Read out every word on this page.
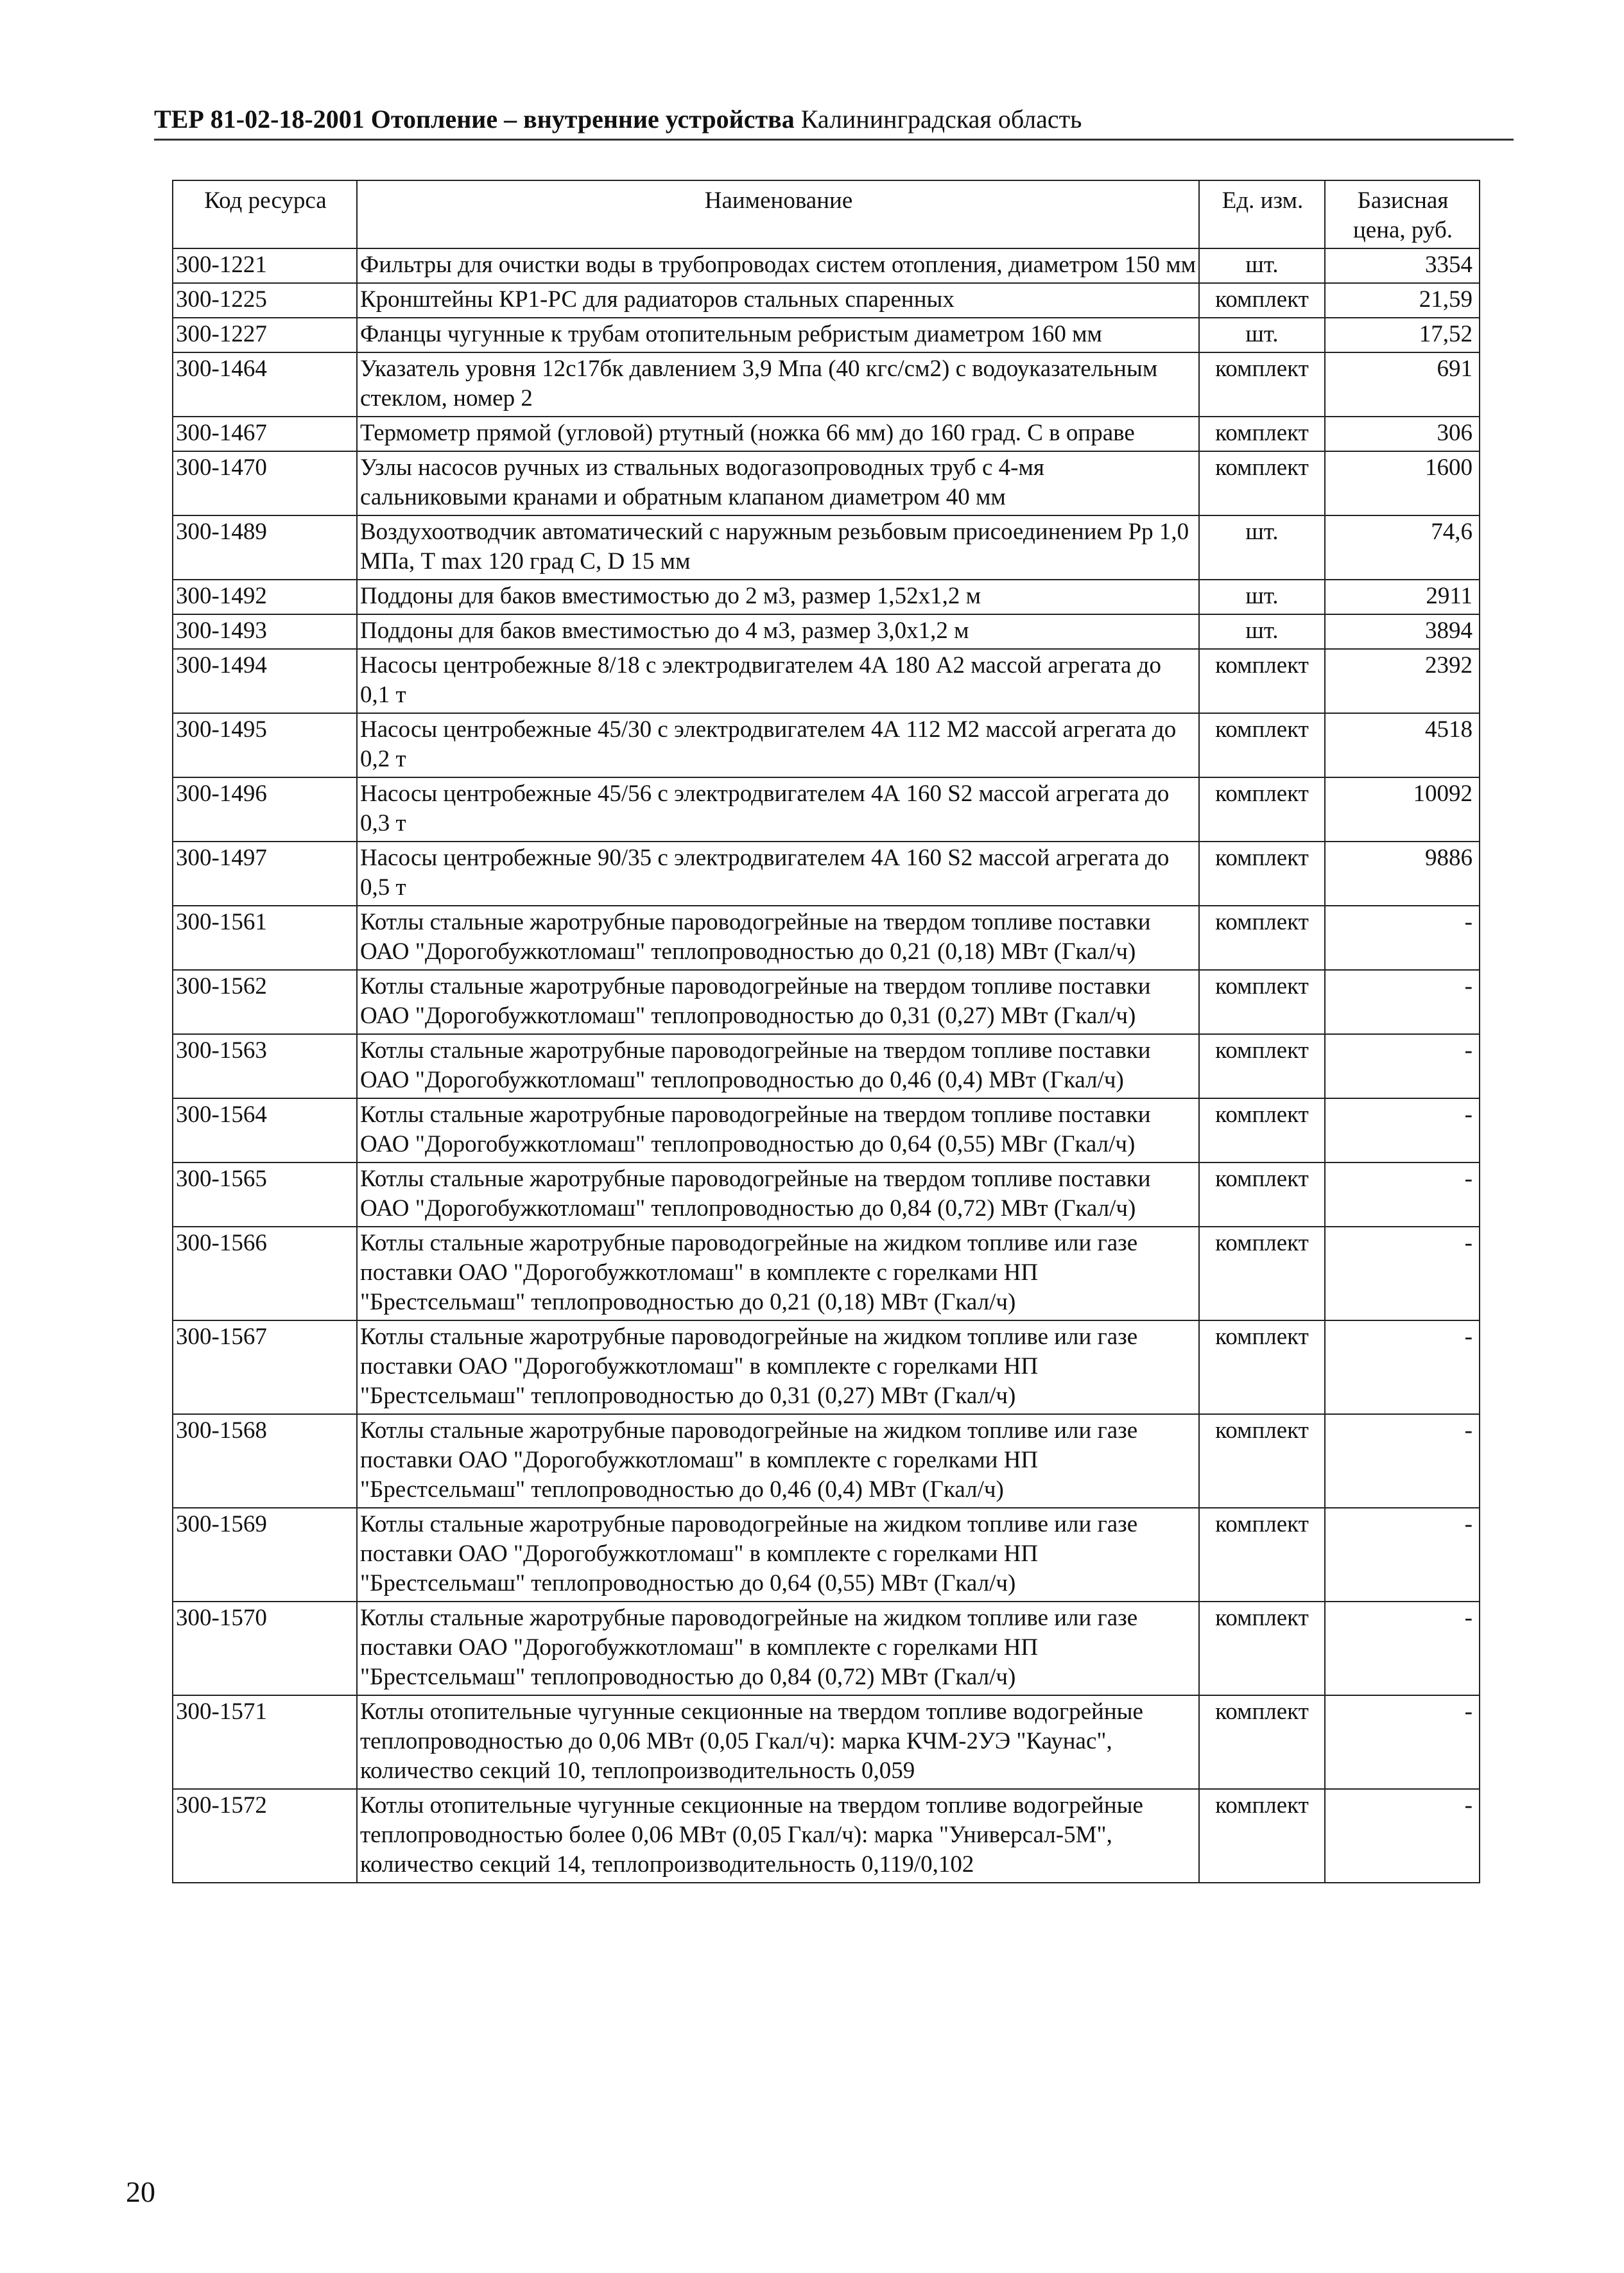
ТЕР 81-02-18-2001 Отопление – внутренние устройства Калининградская область
Код ресурса	Наименование	Ед. изм.	Базисная цена, руб.
300-1221	Фильтры для очистки воды в трубопроводах систем отопления, диаметром 150 мм	шт.	3354
300-1225	Кронштейны КР1-РС для радиаторов стальных спаренных	комплект	21,59
300-1227	Фланцы чугунные к трубам отопительным ребристым диаметром 160 мм	шт.	17,52
300-1464	Указатель уровня 12с17бк давлением 3,9 Мпа (40 кгс/см2) с водоуказательным стеклом, номер 2	комплект	691
300-1467	Термометр прямой (угловой) ртутный (ножка 66 мм) до 160 град. С в оправе	комплект	306
300-1470	Узлы насосов ручных из ствальных водогазопроводных труб с 4-мя сальниковыми кранами и обратным клапаном диаметром 40 мм	комплект	1600
300-1489	Воздухоотводчик автоматический с наружным резьбовым присоединением Рр 1,0 МПа, Т max 120 град С, D 15 мм	шт.	74,6
300-1492	Поддоны для баков вместимостью до 2 м3, размер 1,52х1,2 м	шт.	2911
300-1493	Поддоны для баков вместимостью до 4 м3, размер 3,0х1,2 м	шт.	3894
300-1494	Насосы центробежные 8/18 с электродвигателем 4А 180 А2 массой агрегата до 0,1 т	комплект	2392
300-1495	Насосы центробежные 45/30 с электродвигателем 4А 112 М2 массой агрегата до 0,2 т	комплект	4518
300-1496	Насосы центробежные 45/56 с электродвигателем 4А 160 S2 массой агрегата до 0,3 т	комплект	10092
300-1497	Насосы центробежные 90/35 с электродвигателем 4А 160 S2 массой агрегата до 0,5 т	комплект	9886
300-1561	Котлы стальные жаротрубные пароводогрейные на твердом топливе поставки ОАО "Дорогобужкотломаш" теплопроводностью до 0,21 (0,18) МВт (Гкал/ч)	комплект	-
300-1562	Котлы стальные жаротрубные пароводогрейные на твердом топливе поставки ОАО "Дорогобужкотломаш" теплопроводностью до 0,31 (0,27) МВт (Гкал/ч)	комплект	-
300-1563	Котлы стальные жаротрубные пароводогрейные на твердом топливе поставки ОАО "Дорогобужкотломаш" теплопроводностью до 0,46 (0,4) МВт (Гкал/ч)	комплект	-
300-1564	Котлы стальные жаротрубные пароводогрейные на твердом топливе поставки ОАО "Дорогобужкотломаш" теплопроводностью до 0,64 (0,55) МВг (Гкал/ч)	комплект	-
300-1565	Котлы стальные жаротрубные пароводогрейные на твердом топливе поставки ОАО "Дорогобужкотломаш" теплопроводностью до 0,84 (0,72) МВт (Гкал/ч)	комплект	-
300-1566	Котлы стальные жаротрубные пароводогрейные на жидком топливе или газе поставки ОАО "Дорогобужкотломаш" в комплекте с горелками НП "Брестсельмаш" теплопроводностью до 0,21 (0,18) МВт (Гкал/ч)	комплект	-
300-1567	Котлы стальные жаротрубные пароводогрейные на жидком топливе или газе поставки ОАО "Дорогобужкотломаш" в комплекте с горелками НП "Брестсельмаш" теплопроводностью до 0,31 (0,27) МВт (Гкал/ч)	комплект	-
300-1568	Котлы стальные жаротрубные пароводогрейные на жидком топливе или газе поставки ОАО "Дорогобужкотломаш" в комплекте с горелками НП "Брестсельмаш" теплопроводностью до 0,46 (0,4) МВт (Гкал/ч)	комплект	-
300-1569	Котлы стальные жаротрубные пароводогрейные на жидком топливе или газе поставки ОАО "Дорогобужкотломаш" в комплекте с горелками НП "Брестсельмаш" теплопроводностью до 0,64 (0,55) МВт (Гкал/ч)	комплект	-
300-1570	Котлы стальные жаротрубные пароводогрейные на жидком топливе или газе поставки ОАО "Дорогобужкотломаш" в комплекте с горелками НП "Брестсельмаш" теплопроводностью до 0,84 (0,72) МВт (Гкал/ч)	комплект	-
300-1571	Котлы отопительные чугунные секционные на твердом топливе водогрейные теплопроводностью до 0,06 МВт (0,05 Гкал/ч): марка КЧМ-2УЭ "Каунас", количество секций 10, теплопроизводительность 0,059	комплект	-
300-1572	Котлы отопительные чугунные секционные на твердом топливе водогрейные теплопроводностью более 0,06 МВт (0,05 Гкал/ч): марка "Универсал-5М", количество секций 14, теплопроизводительность 0,119/0,102	комплект	-
20
